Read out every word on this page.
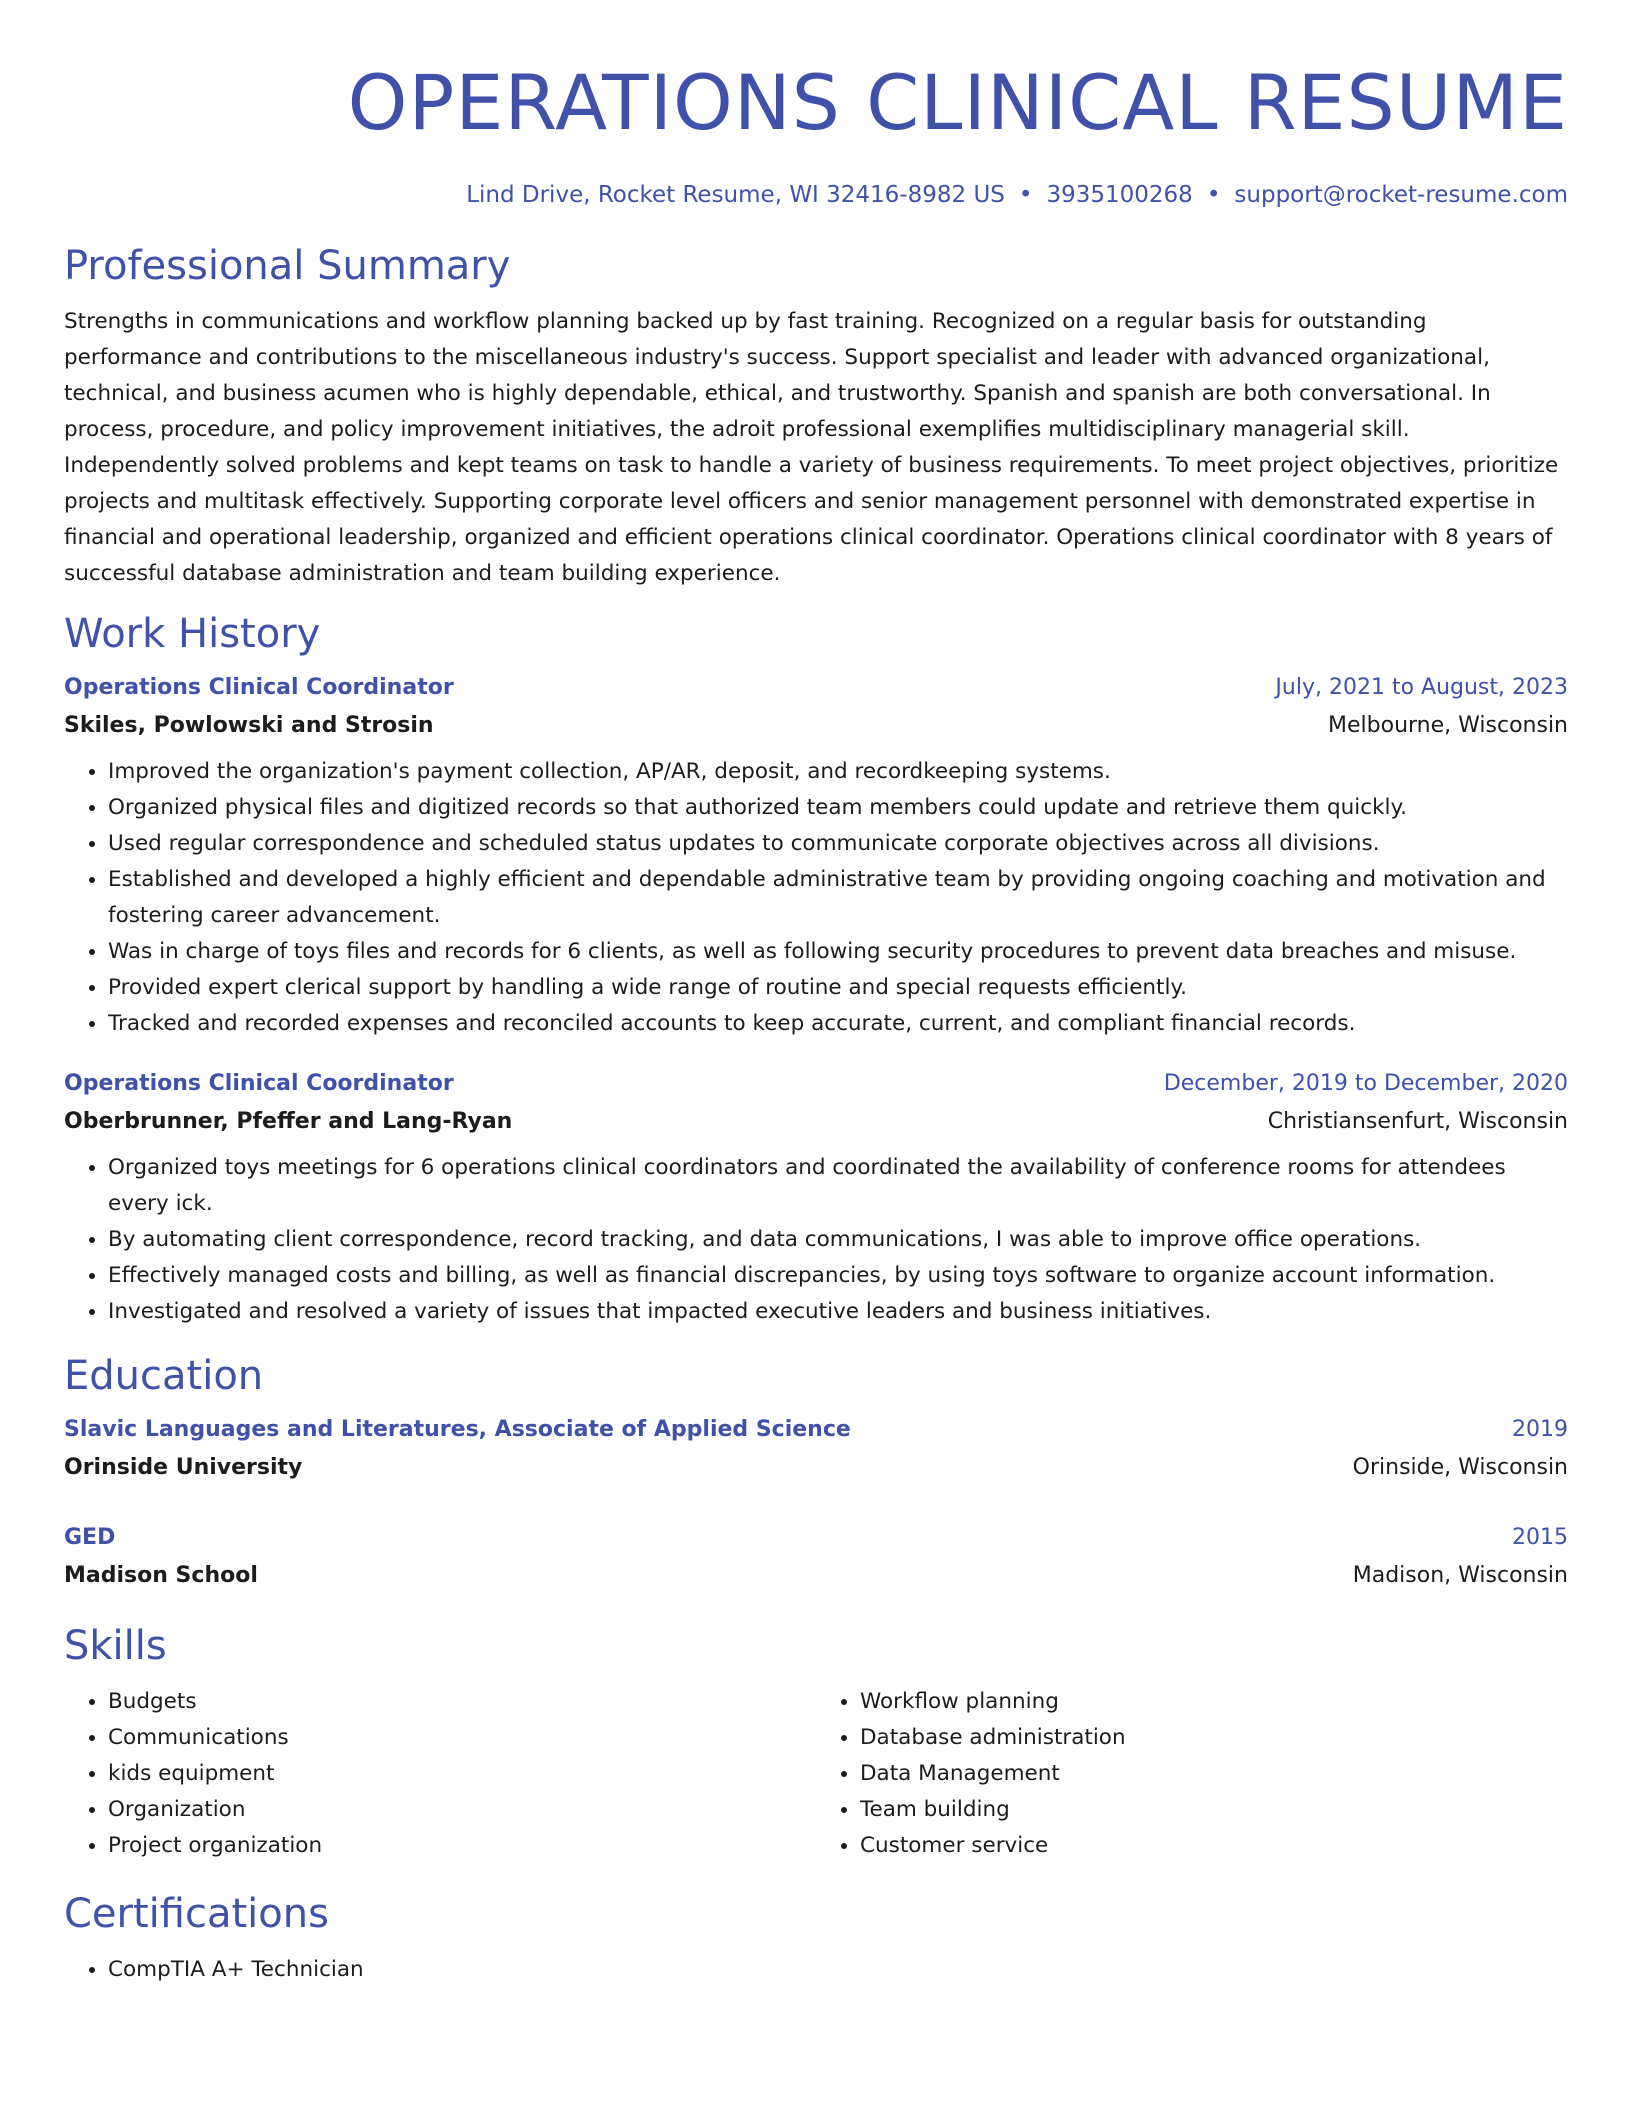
OPERATIONS CLINICAL RESUME
Lind Drive, Rocket Resume, WI 32416-8982 US • 3935100268 • support@rocket-resume.com
Professional Summary

Strengths in communications and workflow planning backed up by fast training. Recognized on a regular basis for outstanding performance and contributions to the miscellaneous industry's success. Support specialist and leader with advanced organizational, technical, and business acumen who is highly dependable, ethical, and trustworthy. Spanish and spanish are both conversational. In process, procedure, and policy improvement initiatives, the adroit professional exemplifies multidisciplinary managerial skill. Independently solved problems and kept teams on task to handle a variety of business requirements. To meet project objectives, prioritize projects and multitask effectively. Supporting corporate level officers and senior management personnel with demonstrated expertise in financial and operational leadership, organized and efficient operations clinical coordinator. Operations clinical coordinator with 8 years of successful database administration and team building experience.

Work History
Operations Clinical Coordinator	July, 2021 to August, 2023
Skiles, Powlowski and Strosin	Melbourne, Wisconsin
• Improved the organization's payment collection, AP/AR, deposit, and recordkeeping systems.
• Organized physical files and digitized records so that authorized team members could update and retrieve them quickly.
• Used regular correspondence and scheduled status updates to communicate corporate objectives across all divisions.
• Established and developed a highly efficient and dependable administrative team by providing ongoing coaching and motivation and fostering career advancement.
• Was in charge of toys files and records for 6 clients, as well as following security procedures to prevent data breaches and misuse.
• Provided expert clerical support by handling a wide range of routine and special requests efficiently.
• Tracked and recorded expenses and reconciled accounts to keep accurate, current, and compliant financial records.
Operations Clinical Coordinator	December, 2019 to December, 2020
Oberbrunner, Pfeffer and Lang-Ryan	Christiansenfurt, Wisconsin
• Organized toys meetings for 6 operations clinical coordinators and coordinated the availability of conference rooms for attendees every ick.
• By automating client correspondence, record tracking, and data communications, I was able to improve office operations.
• Effectively managed costs and billing, as well as financial discrepancies, by using toys software to organize account information.
• Investigated and resolved a variety of issues that impacted executive leaders and business initiatives.
Education
Slavic Languages and Literatures, Associate of Applied Science	2019
Orinside University	Orinside, Wisconsin
GED	2015
Madison School	Madison, Wisconsin
Skills
• Budgets
• Communications
• kids equipment
• Organization
• Project organization
• Workflow planning
• Database administration
• Data Management
• Team building
• Customer service
Certifications
• CompTIA A+ Technician
